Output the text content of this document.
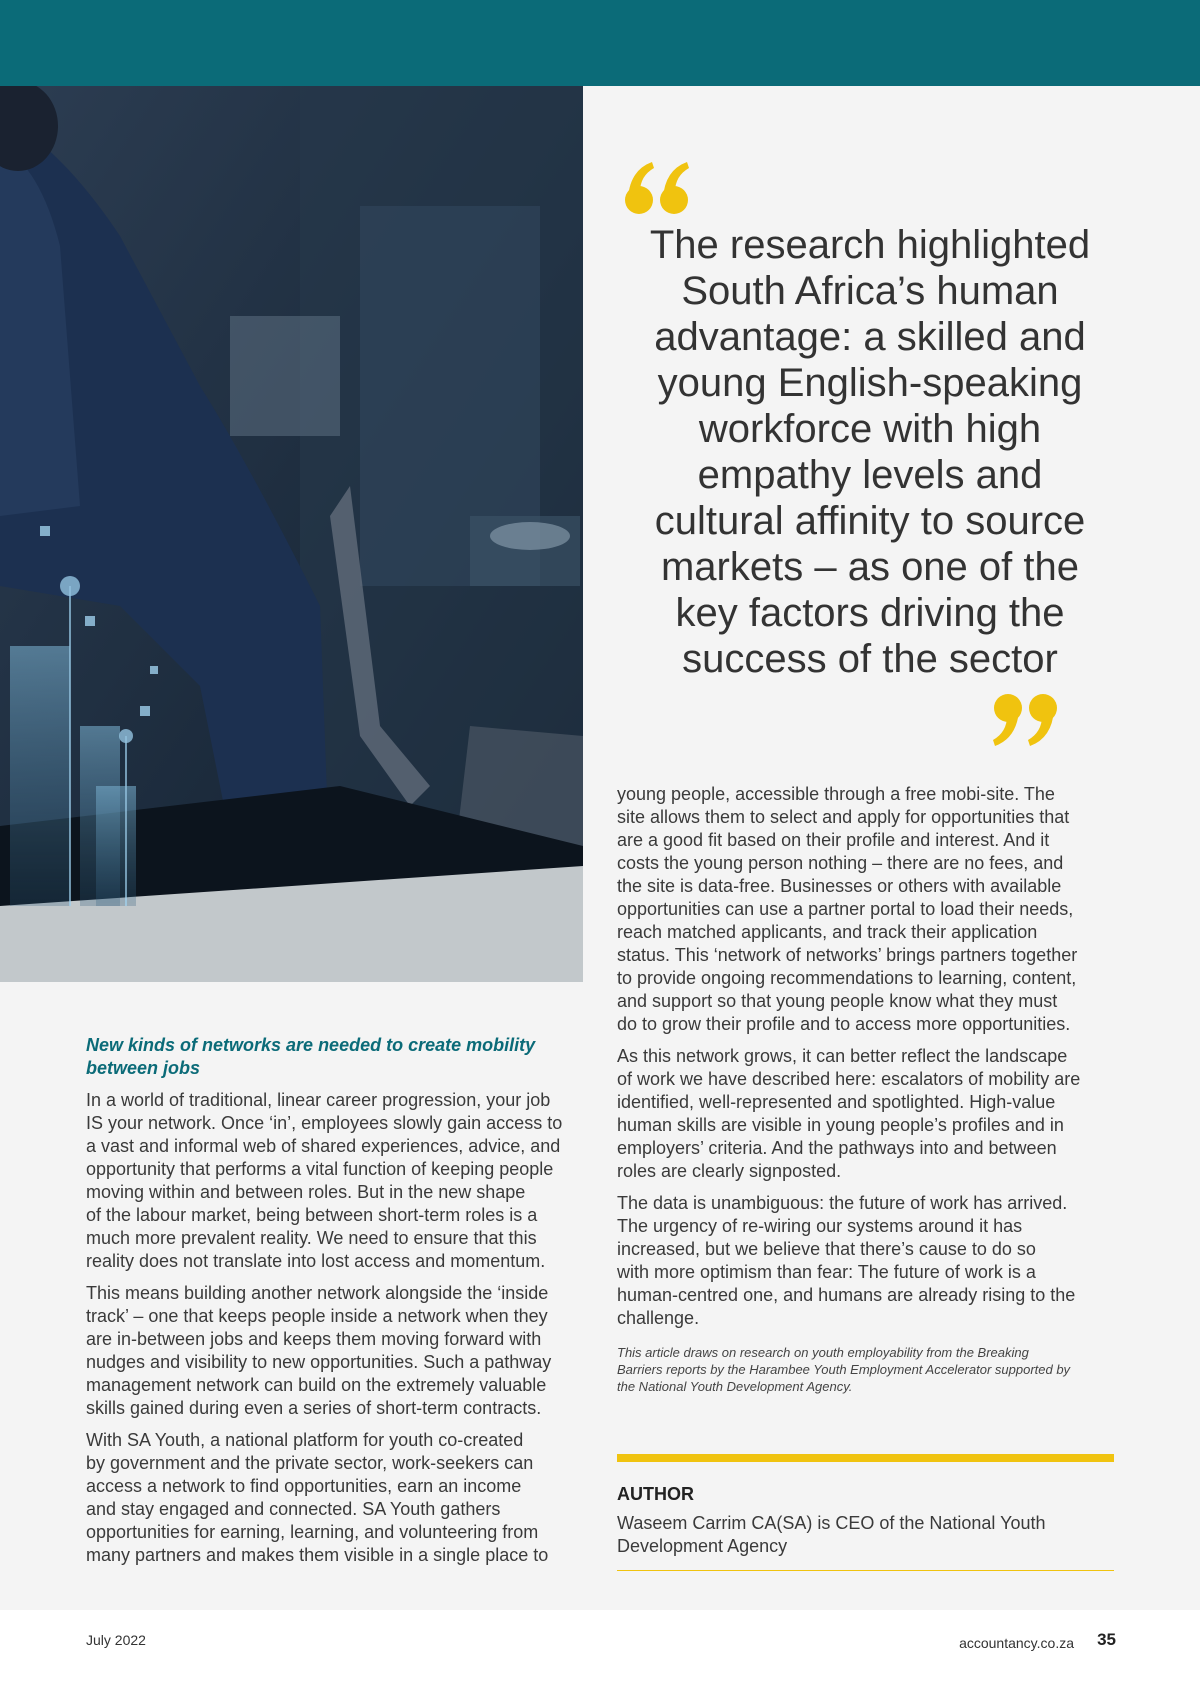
The research highlighted
South Africa’s human
advantage: a skilled and
young English-speaking
workforce with high
empathy levels and
cultural affinity to source
markets – as one of the
key factors driving the
success of the sector
New kinds of networks are needed to create mobility
between jobs

In a world of traditional, linear career progression, your job
IS your network. Once ‘in’, employees slowly gain access to
a vast and informal web of shared experiences, advice, and
opportunity that performs a vital function of keeping people
moving within and between roles. But in the new shape
of the labour market, being between short-term roles is a
much more prevalent reality. We need to ensure that this
reality does not translate into lost access and momentum.

This means building another network alongside the ‘inside
track’ – one that keeps people inside a network when they
are in-between jobs and keeps them moving forward with
nudges and visibility to new opportunities. Such a pathway
management network can build on the extremely valuable
skills gained during even a series of short-term contracts.

With SA Youth, a national platform for youth co-created
by government and the private sector, work-seekers can
access a network to find opportunities, earn an income
and stay engaged and connected. SA Youth gathers
opportunities for earning, learning, and volunteering from
many partners and makes them visible in a single place to

young people, accessible through a free mobi-site. The
site allows them to select and apply for opportunities that
are a good fit based on their profile and interest. And it
costs the young person nothing – there are no fees, and
the site is data-free. Businesses or others with available
opportunities can use a partner portal to load their needs,
reach matched applicants, and track their application
status. This ‘network of networks’ brings partners together
to provide ongoing recommendations to learning, content,
and support so that young people know what they must
do to grow their profile and to access more opportunities.

As this network grows, it can better reflect the landscape
of work we have described here: escalators of mobility are
identified, well-represented and spotlighted. High-value
human skills are visible in young people’s profiles and in
employers’ criteria. And the pathways into and between
roles are clearly signposted.

The data is unambiguous: the future of work has arrived.
The urgency of re-wiring our systems around it has
increased, but we believe that there’s cause to do so
with more optimism than fear: The future of work is a
human-centred one, and humans are already rising to the
challenge.

This article draws on research on youth employability from the Breaking
Barriers reports by the Harambee Youth Employment Accelerator supported by
the National Youth Development Agency.
AUTHOR
Waseem Carrim CA(SA) is CEO of the National Youth
Development Agency
July 2022	accountancy.co.za 35
